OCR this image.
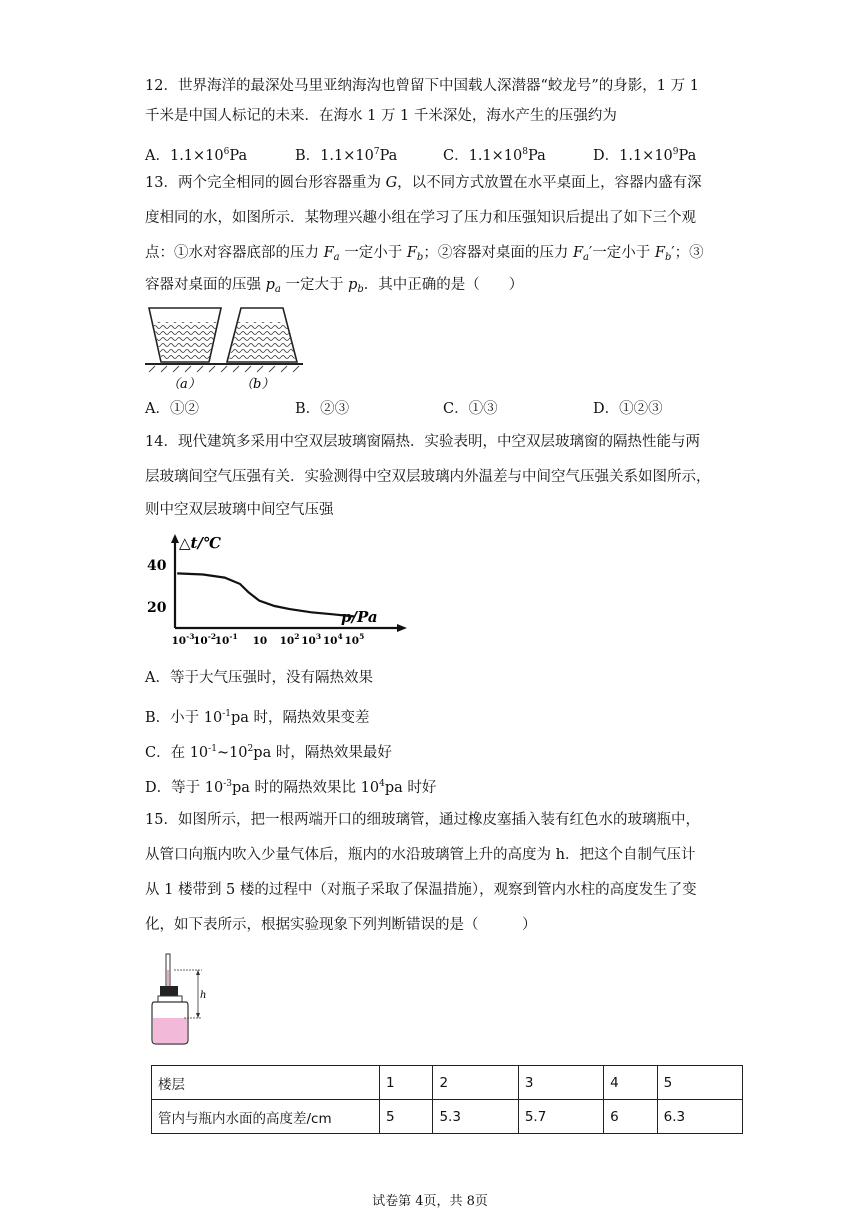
12．世界海洋的最深处马里亚纳海沟也曾留下中国载人深潜器“蛟龙号”的身影，1 万 1
千米是中国人标记的未来．在海水 1 万 1 千米深处，海水产生的压强约为
A．$1.1\times 10^6Pa$	B．$1.1\times 10^7Pa$	C．$1.1\times 10^8Pa$	D．$1.1\times 10^9Pa$
13．两个完全相同的圆台形容器重为 G，以不同方式放置在水平桌面上，容器内盛有深
度相同的水，如图所示．某物理兴趣小组在学习了压力和压强知识后提出了如下三个观
点：①水对容器底部的压力 $F_a$ 一定小于 $F_b$；②容器对桌面的压力 $F_a'$一定小于 $F_b'$；③
容器对桌面的压强 $p_a$ 一定大于 $p_b$．其中正确的是（　　）
（a）	（b）
A．①②	B．②③	C．①③	D．①②③
14．现代建筑多采用中空双层玻璃窗隔热．实验表明，中空双层玻璃窗的隔热性能与两
层玻璃间空气压强有关．实验测得中空双层玻璃内外温差与中间空气压强关系如图所示，
则中空双层玻璃中间空气压强
△t/℃
p/Pa
40
20
$10^{-3}$
$10^{-2}$
$10^{-1}$ 10 $10^2$ $10^3$ $10^4$ $10^5$
A．等于大气压强时，没有隔热效果
B．小于 $10^{-1}pa$ 时，隔热效果变差
C．在 $10^{-1}\sim 10^2pa$ 时，隔热效果最好
D．等于 $10^{-3}pa$ 时的隔热效果比 $10^4pa$ 时好
15．如图所示，把一根两端开口的细玻璃管，通过橡皮塞插入装有红色水的玻璃瓶中，
从管口向瓶内吹入少量气体后，瓶内的水沿玻璃管上升的高度为 h．把这个自制气压计
从 1 楼带到 5 楼的过程中（对瓶子采取了保温措施），观察到管内水柱的高度发生了变
化，如下表所示，根据实验现象下列判断错误的是（　　　）
h
楼层	1	2	3	4	5
管内与瓶内水面的高度差/cm	5	5.3	5.7	6	6.3
试卷第 4页，共 8页
